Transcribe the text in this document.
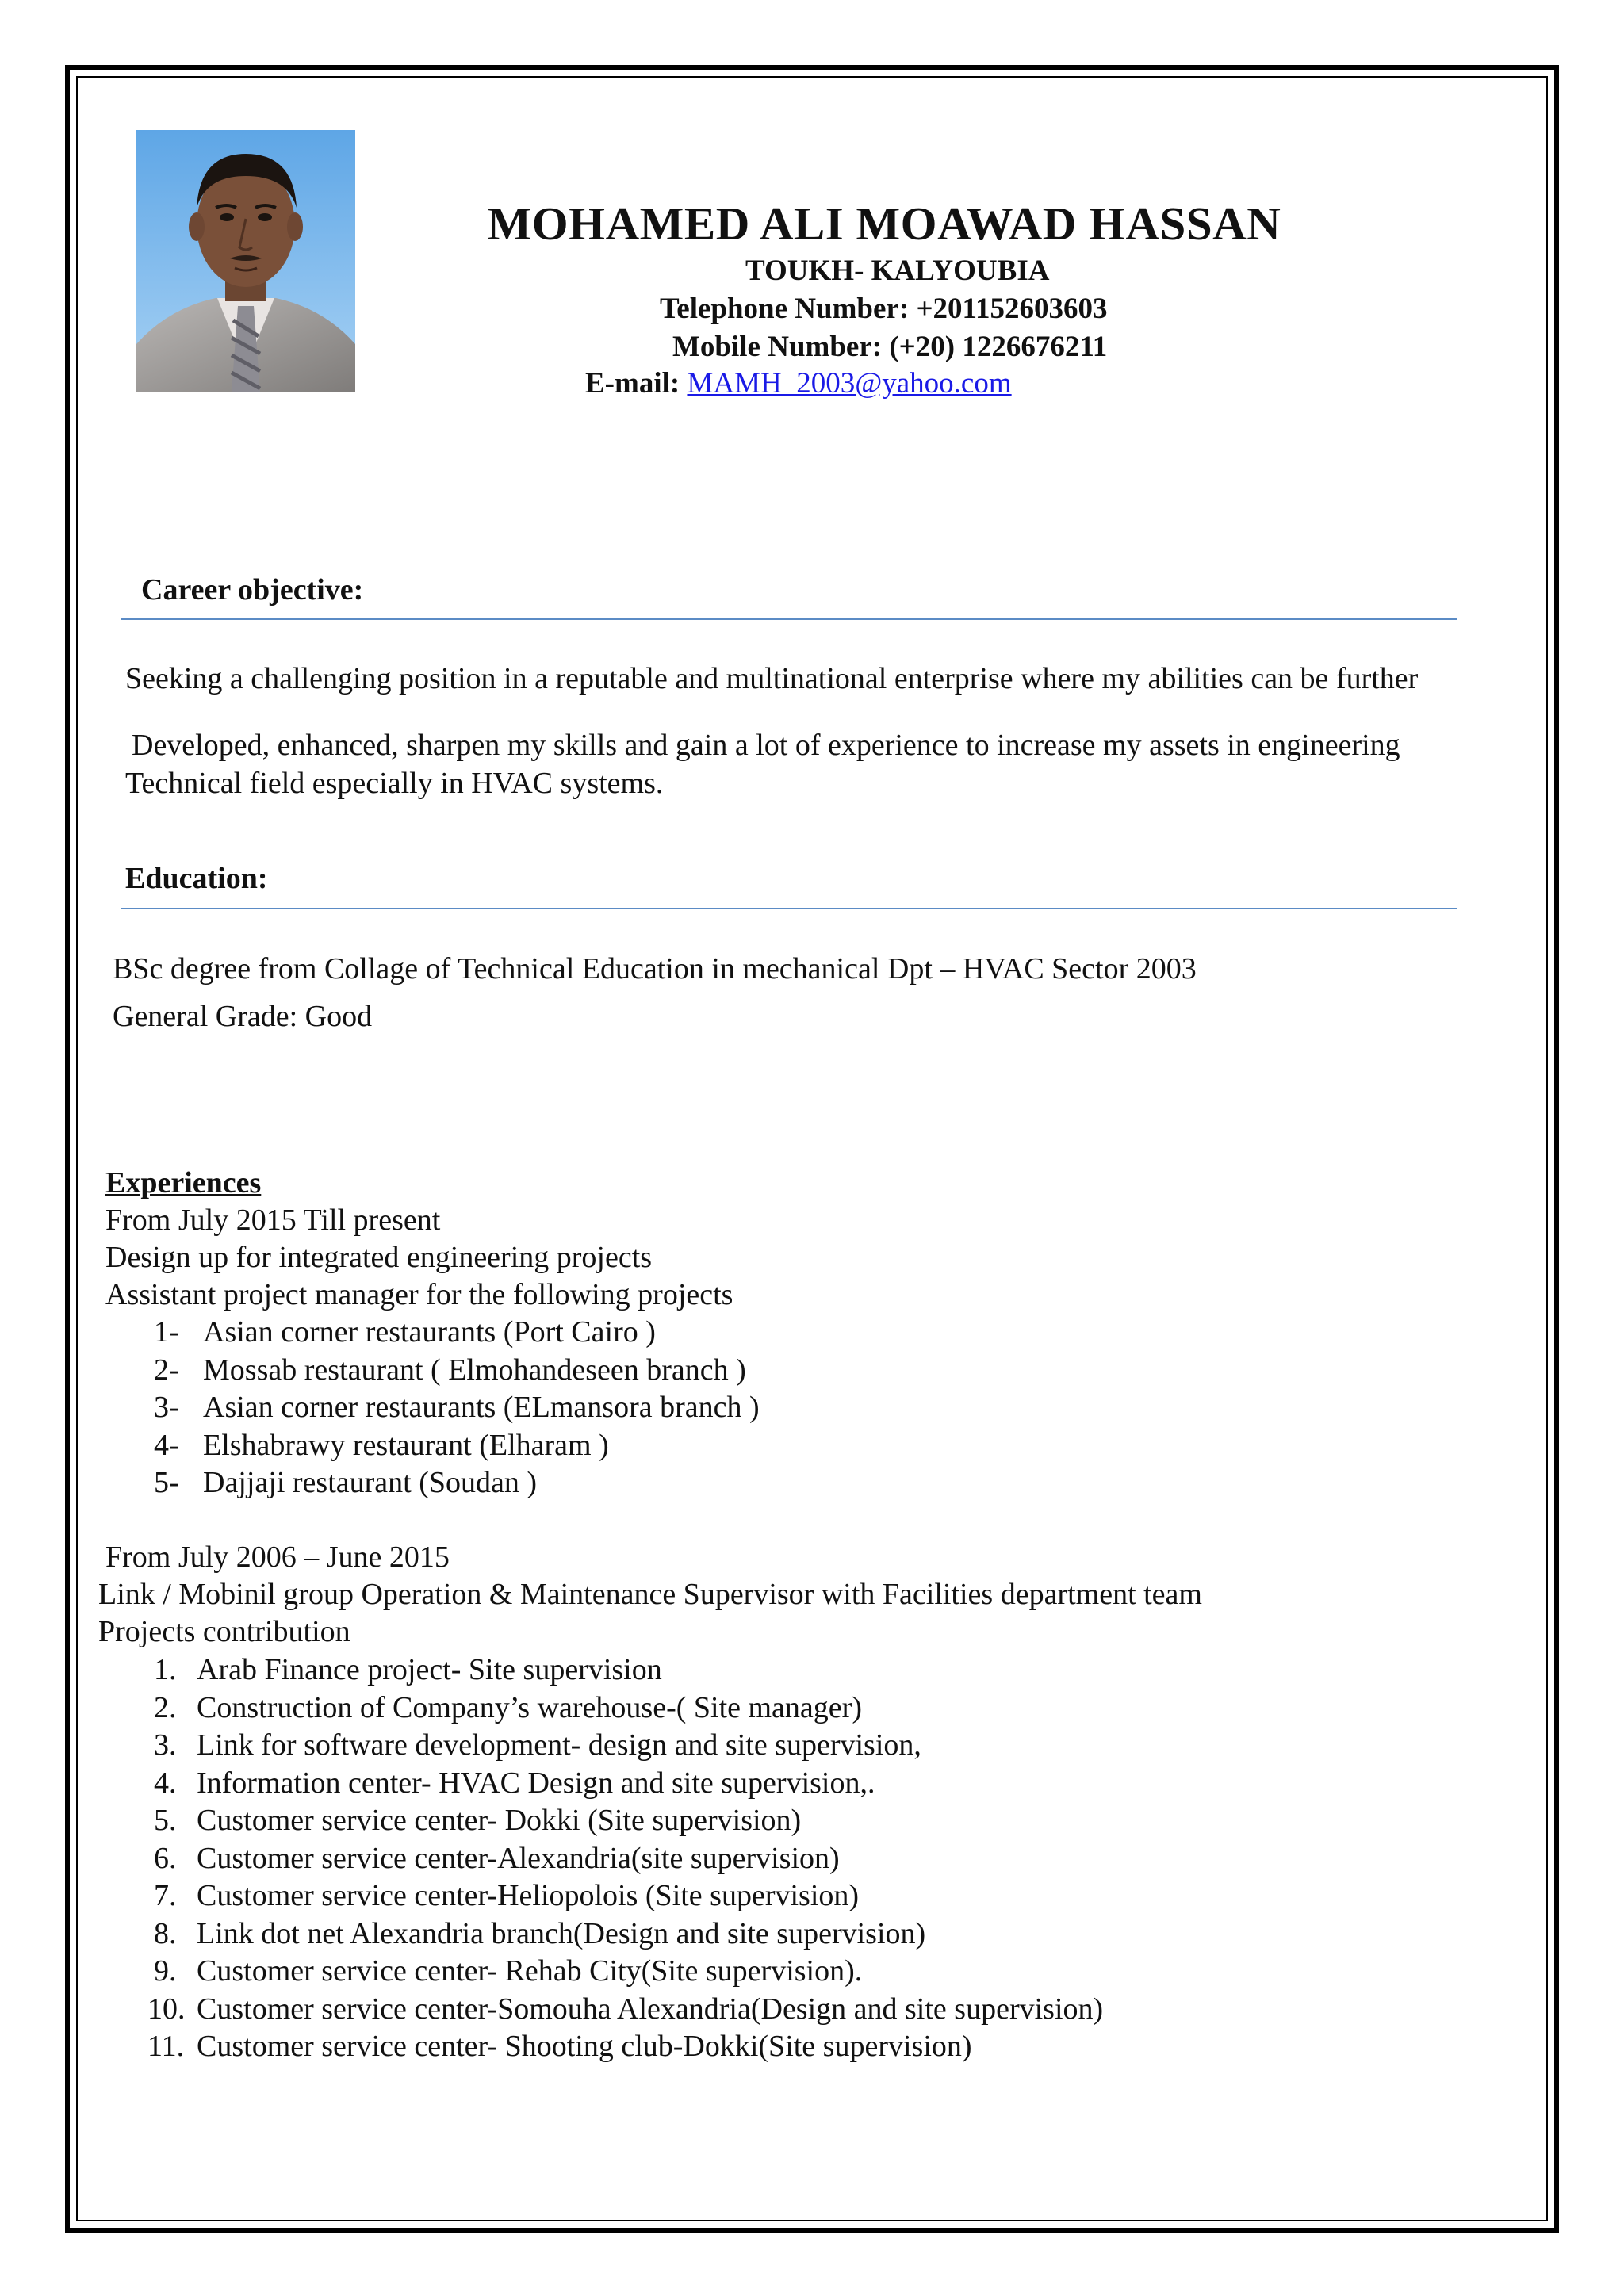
MOHAMED ALI MOAWAD HASSAN
TOUKH- KALYOUBIA
Telephone Number: +201152603603
Mobile Number: (+20) 1226676211
E-mail: MAMH_2003@yahoo.com
Career objective:
Seeking a challenging position in a reputable and multinational enterprise where my abilities can be further
Developed, enhanced, sharpen my skills and gain a lot of experience to increase my assets in engineering
Technical field especially in HVAC systems.
Education:
BSc degree from Collage of Technical Education in mechanical Dpt – HVAC Sector 2003
General Grade: Good
Experiences
From July 2015 Till present
Design up for integrated engineering projects
Assistant project manager for the following projects
1- Asian corner restaurants (Port Cairo )
2- Mossab restaurant ( Elmohandeseen branch )
3- Asian corner restaurants (ELmansora branch )
4- Elshabrawy restaurant (Elharam )
5- Dajjaji restaurant (Soudan )
From July 2006 – June 2015
Link / Mobinil group Operation & Maintenance Supervisor with Facilities department team
Projects contribution
1. Arab Finance project- Site supervision
2. Construction of Company’s warehouse-( Site manager)
3. Link for software development- design and site supervision,
4. Information center- HVAC Design and site supervision,.
5. Customer service center- Dokki (Site supervision)
6. Customer service center-Alexandria(site supervision)
7. Customer service center-Heliopolois (Site supervision)
8. Link dot net Alexandria branch(Design and site supervision)
9. Customer service center- Rehab City(Site supervision).
10. Customer service center-Somouha Alexandria(Design and site supervision)
11. Customer service center- Shooting club-Dokki(Site supervision)
